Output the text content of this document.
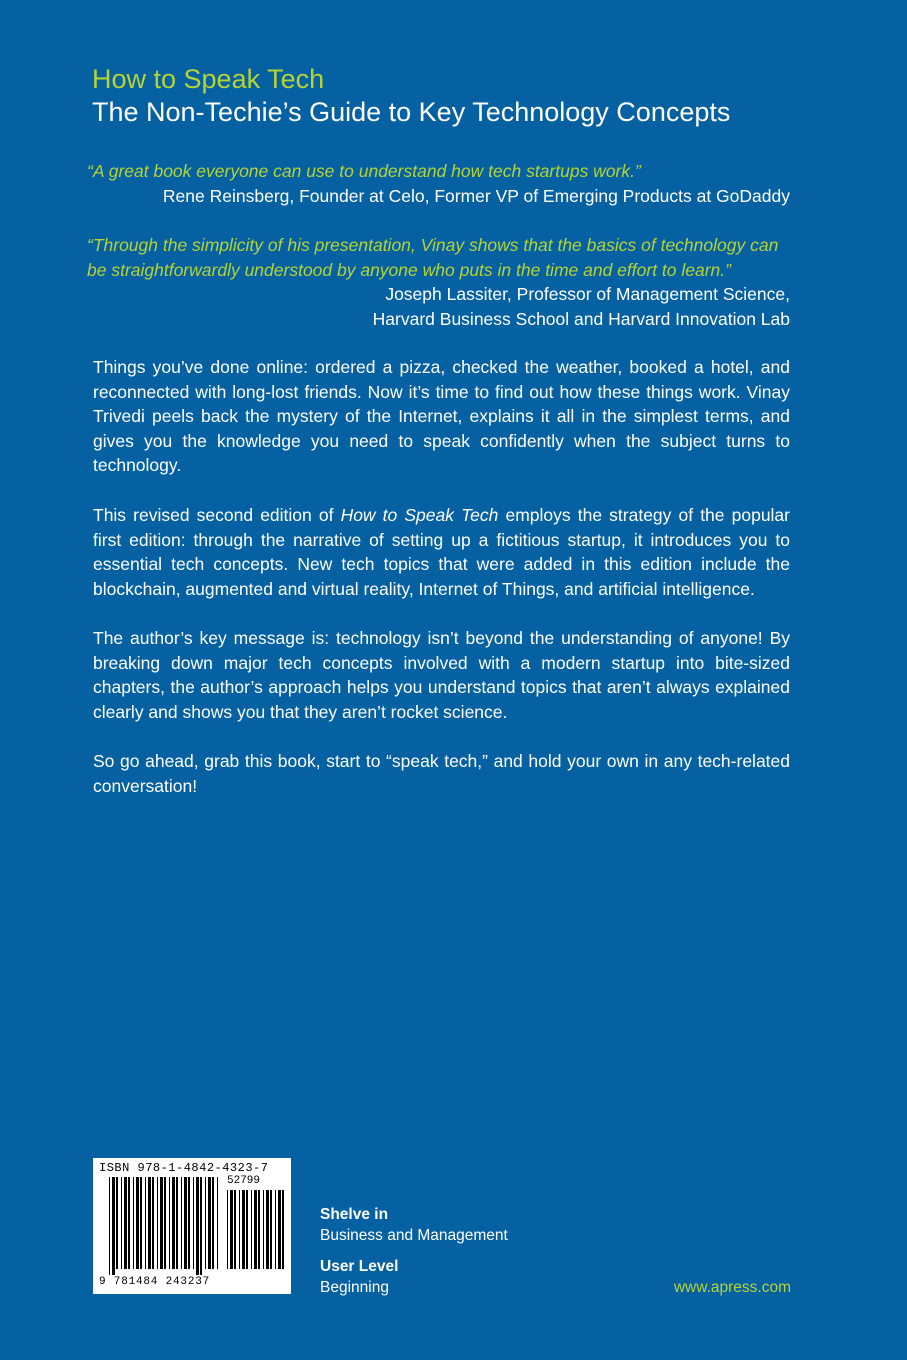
How to Speak Tech
The Non-Techie’s Guide to Key Technology Concepts

“A great book everyone can use to understand how tech startups work.”

Rene Reinsberg, Founder at Celo, Former VP of Emerging Products at GoDaddy

“Through the simplicity of his presentation, Vinay shows that the basics of technology can be straightforwardly understood by anyone who puts in the time and effort to learn.”

Joseph Lassiter, Professor of Management Science,
Harvard Business School and Harvard Innovation Lab

Things you’ve done online: ordered a pizza, checked the weather, booked a hotel, and reconnected with long-lost friends. Now it’s time to find out how these things work. Vinay Trivedi peels back the mystery of the Internet, explains it all in the simplest terms, and gives you the knowledge you need to speak confidently when the subject turns to technology.

This revised second edition of How to Speak Tech employs the strategy of the popular first edition: through the narrative of setting up a fictitious startup, it introduces you to essential tech concepts. New tech topics that were added in this edition include the blockchain, augmented and virtual reality, Internet of Things, and artificial intelligence.

The author’s key message is: technology isn’t beyond the understanding of anyone! By breaking down major tech concepts involved with a modern startup into bite-sized chapters, the author’s approach helps you understand topics that aren’t always explained clearly and shows you that they aren’t rocket science.

So go ahead, grab this book, start to “speak tech,” and hold your own in any tech-related conversation!

ISBN 978-1-4842-4323-7
52799
9 781484 243237
Shelve in
Business and Management
User Level
Beginning	www.apress.com
